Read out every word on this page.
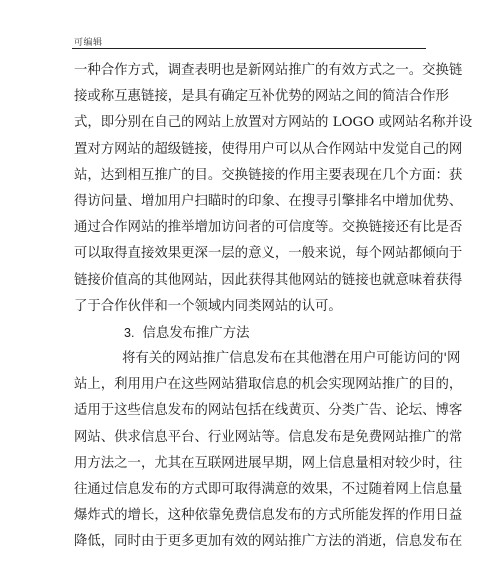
可编辑
一种合作方式，调查表明也是新网站推广的有效方式之一。交换链
接或称互惠链接，是具有确定互补优势的网站之间的简洁合作形
式，即分别在自己的网站上放置对方网站的 LOGO 或网站名称并设
置对方网站的超级链接，使得用户可以从合作网站中发觉自己的网
站，达到相互推广的目。交换链接的作用主要表现在几个方面：获
得访问量、增加用户扫瞄时的印象、在搜寻引擎排名中增加优势、
通过合作网站的推举增加访问者的可信度等。交换链接还有比是否
可以取得直接效果更深一层的意义，一般来说，每个网站都倾向于
链接价值高的其他网站，因此获得其他网站的链接也就意味着获得
了于合作伙伴和一个领域内同类网站的认可。
3. 信息发布推广方法
将有关的网站推广信息发布在其他潜在用户可能访问的'网
站上，利用用户在这些网站猎取信息的机会实现网站推广的目的，
适用于这些信息发布的网站包括在线黄页、分类广告、论坛、博客
网站、供求信息平台、行业网站等。信息发布是免费网站推广的常
用方法之一，尤其在互联网进展早期，网上信息量相对较少时，往
往通过信息发布的方式即可取得满意的效果，不过随着网上信息量
爆炸式的增长，这种依靠免费信息发布的方式所能发挥的作用日益
降低，同时由于更多更加有效的网站推广方法的消逝，信息发布在
